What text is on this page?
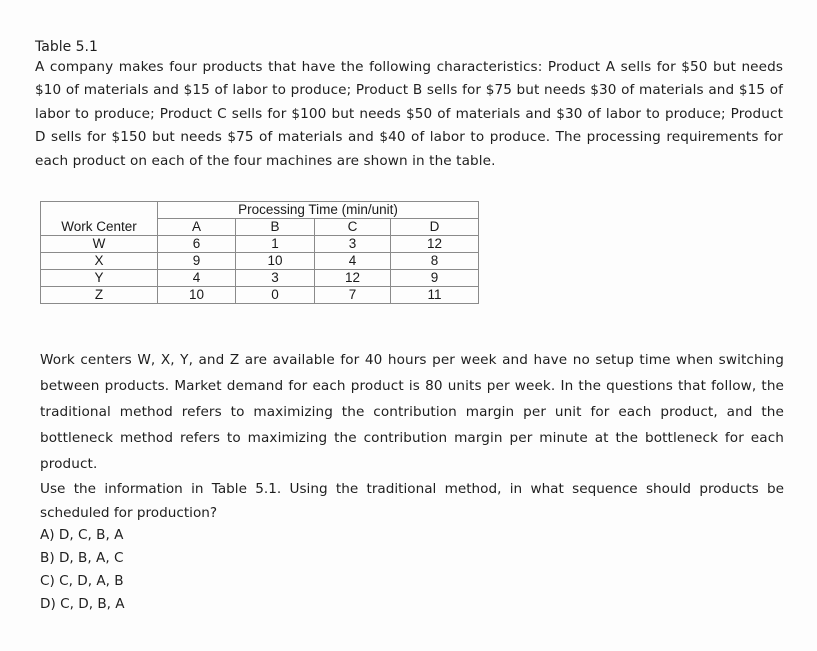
Table 5.1
A company makes four products that have the following characteristics: Product A sells for $50 but needs $10 of materials and $15 of labor to produce; Product B sells for $75 but needs $30 of materials and $15 of labor to produce; Product C sells for $100 but needs $50 of materials and $30 of labor to produce; Product D sells for $150 but needs $75 of materials and $40 of labor to produce. The processing requirements for each product on each of the four machines are shown in the table.
	Processing Time (min/unit)			
Work Center	A	B	C	D
W	6	1	3	12
X	9	10	4	8
Y	4	3	12	9
Z	10	0	7	11
Work centers W, X, Y, and Z are available for 40 hours per week and have no setup time when switching between products. Market demand for each product is 80 units per week. In the questions that follow, the traditional method refers to maximizing the contribution margin per unit for each product, and the bottleneck method refers to maximizing the contribution margin per minute at the bottleneck for each product.
Use the information in Table 5.1. Using the traditional method, in what sequence should products be scheduled for production?
A) D, C, B, A
B) D, B, A, C
C) C, D, A, B
D) C, D, B, A
